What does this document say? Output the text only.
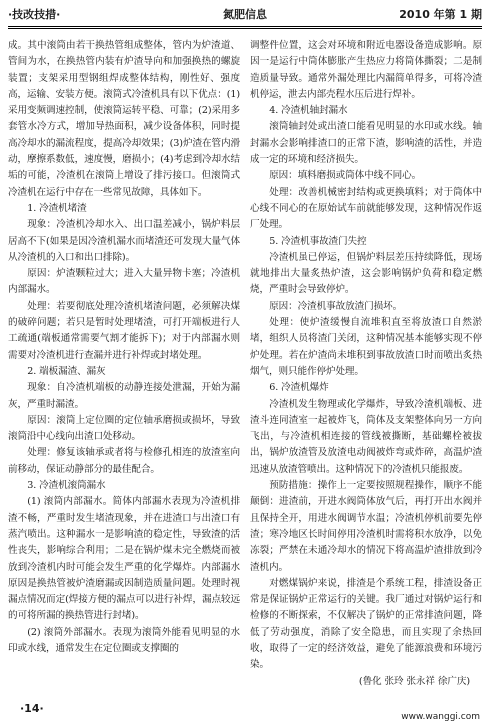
·技改技措·	氮肥信息	2010 年第 1 期

成。其中滚筒由若干换热管组成整体，管内为炉渣道、管间为水，在换热管内装有炉渣导向和加强换热的螺旋装置；支架采用型钢组焊成整体结构，刚性好、强度高，运输、安装方便。滚筒式冷渣机具有以下优点：(1)采用变频调速控制，使滚筒运转平稳、可靠；(2)采用多套管水冷方式，增加导热面积，减少设备体积，同时提高冷却水的漏流程度，提高冷却效果；(3)炉渣在管内滑动，摩擦系数低，速度慢，磨损小；(4)考虑到冷却水结垢的可能，冷渣机在滚筒上增设了排污接口。但滚筒式冷渣机在运行中存在一些常见故障，具体如下。

1. 冷渣机堵渣

现象：冷渣机冷却水入、出口温差减小，锅炉料层居高不下(如果是因冷渣机漏水而堵渣还可发现大量气体从冷渣机的入口和出口排除)。

原因：炉渣颗粒过大；进入大量异物卡塞；冷渣机内部漏水。

处理：若要彻底处理冷渣机堵渣问题，必须解决煤的破碎问题；若只是暂时处理堵渣，可打开端板进行人工疏通(端板通常需要气割才能拆下)；对于内部漏水则需要对冷渣机进行查漏并进行补焊或封堵处理。

2. 端板漏渣、漏灰

现象：自冷渣机端板的动静连接处泄漏，开始为漏灰，严重时漏渣。

原因：滚筒上定位圈的定位轴承磨损或损坏，导致滚筒沿中心线向出渣口处移动。

处理：修复该轴承或者将与检修孔相连的放渣室向前移动，保证动静部分的最佳配合。

3. 冷渣机滚筒漏水

(1) 滚筒内部漏水。简体内部漏水表现为冷渣机排渣不畅，严重时发生堵渣现象，并在进渣口与出渣口有蒸汽喷出。这种漏水一是影响渣的稳定性，导致渣的活性丧失，影响综合利用；二是在锅炉煤未完全燃烧而被放到冷渣机内时可能会发生严重的化学爆炸。内部漏水原因是换热管被炉渣磨漏或因制造质量问题。处理时视漏点情况而定(焊接方便的漏点可以进行补焊，漏点较远的可将所漏的换热管进行封堵)。

(2) 滚筒外部漏水。表现为滚筒外能看见明显的水印或水线，通常发生在定位圈或支撑圈的

调整件位置，这会对环境和附近电器设备造成影响。原因一是运行中筒体膨胀产生热应力将筒体撕裂；二是制造质量导致。通常外漏处理比内漏简单得多，可将冷渣机停运，泄去内部壳程水压后进行焊补。

4. 冷渣机轴封漏水

滚筒轴封处或出渣口能看见明显的水印或水线。轴封漏水会影响排渣口的正常下渣，影响渣的活性，并造成一定的环境和经济损失。

原因：填料磨损或筒体中线不同心。

处理：改善机械密封结构或更换填料；对于筒体中心线不同心的在原始试车前就能够发现，这种情况作返厂处理。

5. 冷渣机事故渣门失控

冷渣机虽已停运，但锅炉料层差压持续降低，现场就地排出大量炙热炉渣，这会影响锅炉负荷和稳定燃烧，严重时会导致停炉。

原因：冷渣机事故放渣门损坏。

处理：使炉渣缓慢自流堆积直至将放渣口自然淤堵，组织人员将渣门关闭，这种情况基本能够实现不停炉处理。若在炉渣尚未堆积到事故放渣口时而喷出炙热烟气，则只能作停炉处理。

6. 冷渣机爆炸

冷渣机发生物理或化学爆炸，导致冷渣机端板、进渣斗连同渣室一起被炸飞，筒体及支架整体向另一方向飞出，与冷渣机相连接的管线被撕断，基础螺栓被拔出，锅炉放渣管及放渣电动阀被炸弯或炸碎，高温炉渣迅速从放渣管喷出。这种情况下的冷渣机只能报废。

预防措施：操作上一定要按照规程操作，顺序不能颠倒：进渣前，开进水阀筒体放气后，再打开出水阀并且保持全开，用进水阀调节水温；冷渣机停机前要先停渣；寒冷地区长时间停用冷渣机时需将积水放净，以免冻裂；严禁在未通冷却水的情况下将高温炉渣排放到冷渣机内。

对燃煤锅炉来说，排渣是个系统工程，排渣设备正常是保证锅炉正常运行的关键。我厂通过对锅炉运行和检修的不断探索，不仅解决了锅炉的正常排渣问题，降低了劳动强度，消除了安全隐患，而且实现了余热回收，取得了一定的经济效益，避免了能源浪费和环境污染。

(鲁化 张玲 张永祥 徐广庆)

·14·
www.wanggi.com
